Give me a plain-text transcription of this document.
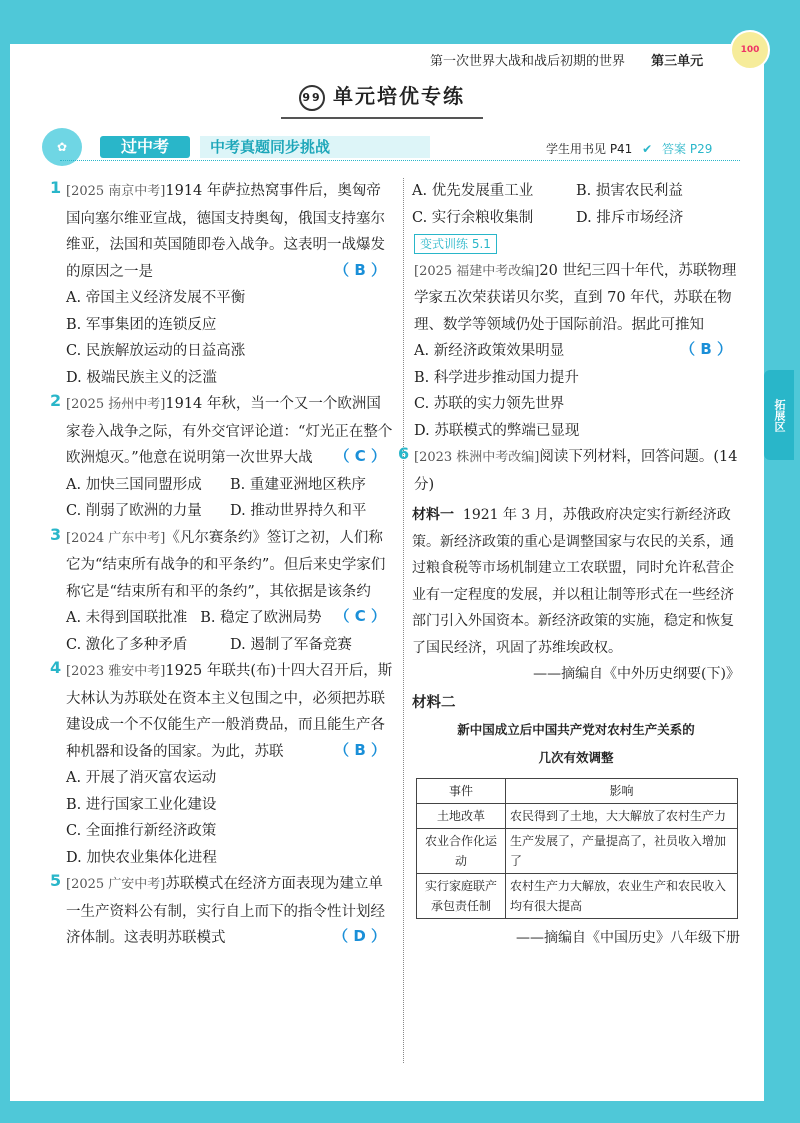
第一次世界大战和战后初期的世界 第三单元
100
99 单元培优专练
✿	过中考	中考真题同步挑战	学生用书见 P41 ✔ 答案 P29
1 [2025 南京中考]1914 年萨拉热窝事件后，奥匈帝国向塞尔维亚宣战，德国支持奥匈，俄国支持塞尔维亚，法国和英国随即卷入战争。这表明一战爆发的原因之一是	（ B ）

A. 帝国主义经济发展不平衡

B. 军事集团的连锁反应

C. 民族解放运动的日益高涨

D. 极端民族主义的泛滥

2 [2025 扬州中考]1914 年秋，当一个又一个欧洲国家卷入战争之际，有外交官评论道：“灯光正在整个欧洲熄灭。”他意在说明第一次世界大战 （ C ）
A. 加快三国同盟形成	B. 重建亚洲地区秩序
C. 削弱了欧洲的力量	D. 推动世界持久和平
3 [2024 广东中考]《凡尔赛条约》签订之初，人们称它为“结束所有战争的和平条约”。但后来史学家们称它是“结束所有和平的条约”，其依据是该条约
（ C ）
A. 未得到国联批准 B. 稳定了欧洲局势
C. 激化了多种矛盾	D. 遏制了军备竞赛
4 [2023 雅安中考]1925 年联共(布)十四大召开后，斯大林认为苏联处在资本主义包围之中，必须把苏联建设成一个不仅能生产一般消费品，而且能生产各种机器和设备的国家。为此，苏联	（ B ）

A. 开展了消灭富农运动

B. 进行国家工业化建设

C. 全面推行新经济政策

D. 加快农业集体化进程

5 [2025 广安中考]苏联模式在经济方面表现为建立单一生产资料公有制，实行自上而下的指令性计划经济体制。这表明苏联模式	（ D ）
A. 优先发展重工业	B. 损害农民利益
C. 实行余粮收集制	D. 排斥市场经济
变式训练 5.1
[2025 福建中考改编]20 世纪三四十年代，苏联物理学家五次荣获诺贝尔奖，直到 70 年代，苏联在物理、数学等领域仍处于国际前沿。据此可推知
（ B ）

A. 新经济政策效果明显

B. 科学进步推动国力提升

C. 苏联的实力领先世界

D. 苏联模式的弊端已显现

6 [2023 株洲中考改编]阅读下列材料，回答问题。(14 分)
材料一 1921 年 3 月，苏俄政府决定实行新经济政策。新经济政策的重心是调整国家与农民的关系，通过粮食税等市场机制建立工农联盟，同时允许私营企业有一定程度的发展，并以租让制等形式在一些经济部门引入外国资本。新经济政策的实施，稳定和恢复了国民经济，巩固了苏维埃政权。
——摘编自《中外历史纲要(下)》
材料二
新中国成立后中国共产党对农村生产关系的
几次有效调整
事件	影响
土地改革	农民得到了土地，大大解放了农村生产力
农业合作化运动	生产发展了，产量提高了，社员收入增加了
实行家庭联产承包责任制	农村生产力大解放，农业生产和农民收入均有很大提高
——摘编自《中国历史》八年级下册
拓展区
上课认真听
下课练习题 41
